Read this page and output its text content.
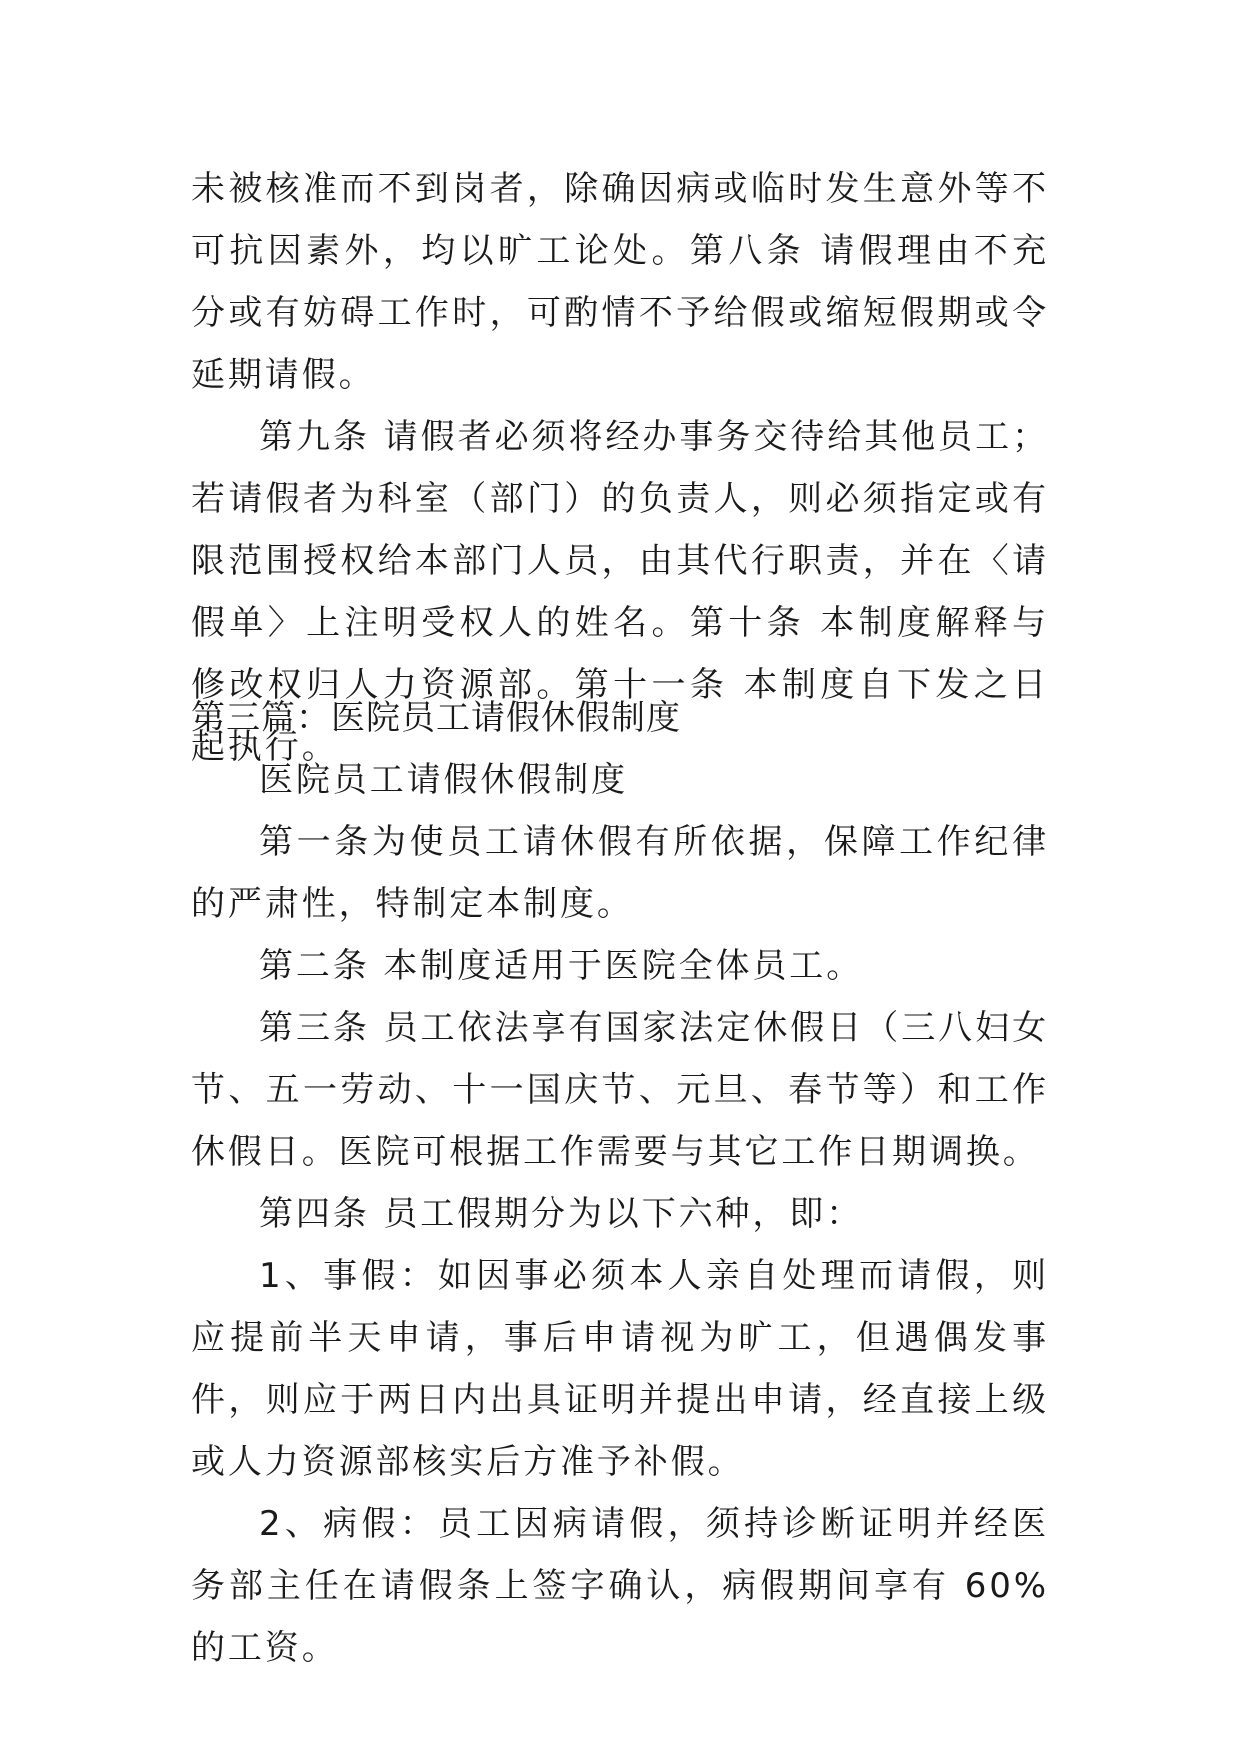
未被核准而不到岗者，除确因病或临时发生意外等不可抗因素外，均以旷工论处。第八条 请假理由不充分或有妨碍工作时，可酌情不予给假或缩短假期或令延期请假。

第九条 请假者必须将经办事务交待给其他员工；若请假者为科室（部门）的负责人，则必须指定或有限范围授权给本部门人员，由其代行职责，并在〈请假单〉上注明受权人的姓名。第十条 本制度解释与修改权归人力资源部。第十一条 本制度自下发之日起执行。

第三篇：医院员工请假休假制度

医院员工请假休假制度

第一条为使员工请休假有所依据，保障工作纪律的严肃性，特制定本制度。

第二条 本制度适用于医院全体员工。

第三条 员工依法享有国家法定休假日（三八妇女节、五一劳动、十一国庆节、元旦、春节等）和工作休假日。医院可根据工作需要与其它工作日期调换。

第四条 员工假期分为以下六种，即：

1、事假：如因事必须本人亲自处理而请假，则应提前半天申请，事后申请视为旷工，但遇偶发事件，则应于两日内出具证明并提出申请，经直接上级或人力资源部核实后方准予补假。

2、病假：员工因病请假，须持诊断证明并经医务部主任在请假条上签字确认，病假期间享有 60%的工资。
